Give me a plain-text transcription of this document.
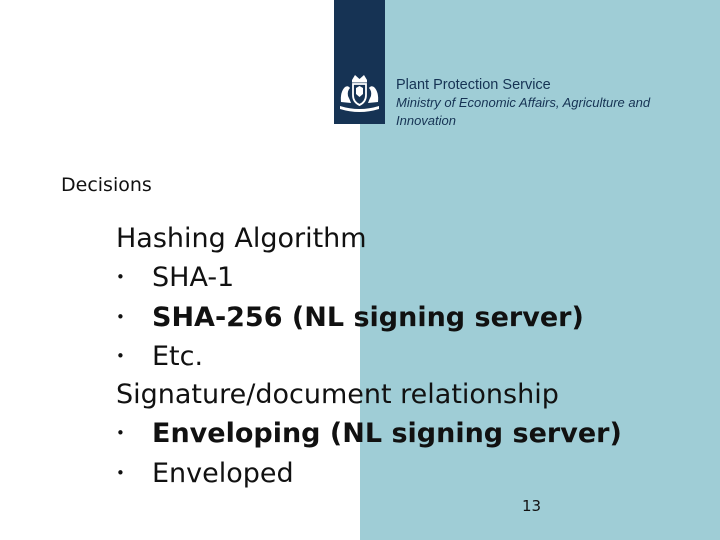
Plant Protection Service
Ministry of Economic Affairs, Agriculture and
Innovation
Decisions
Hashing Algorithm
• SHA-1
• SHA-256 (NL signing server)
• Etc.
Signature/document relationship
• Enveloping (NL signing server)
• Enveloped
13
